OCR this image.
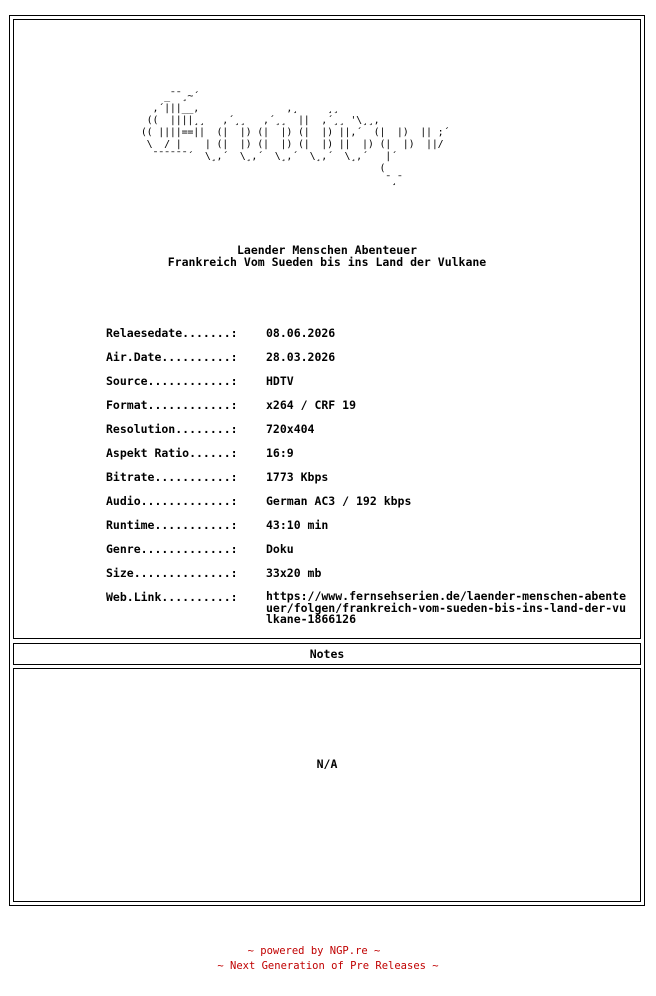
_¯¯¸~´
,´|||__,               ,¸     ¸¸
((  ||||¸¸   ,´¸¸   ,´¸¸  ||  ,´¸¸ '\¸¸,
(( ||||==||  (|  |) (|  |) (|  |) ||,´  (|  |)  || ;´
\  / |    | (|  |) (|  |) (|  |) ||  |) (|  |)  ||/
¯¯¯¯¯¯´  \¸,´  \¸,´  \¸,´  \¸,´  \¸,´   |´
(
¯¸¯
Laender Menschen Abenteuer
Frankreich Vom Sueden bis ins Land der Vulkane
Relaesedate.......:	08.06.2026
Air.Date..........:	28.03.2026
Source............:	HDTV
Format............:	x264 / CRF 19
Resolution........:	720x404
Aspekt Ratio......:	16:9
Bitrate...........:	1773 Kbps
Audio.............:	German AC3 / 192 kbps
Runtime...........:	43:10 min
Genre.............:	Doku
Size..............:	33x20 mb
Web.Link..........:	https://www.fernsehserien.de/laender-menschen-abenteuer/folgen/frankreich-vom-sueden-bis-ins-land-der-vulkane-1866126
Notes
N/A
~ powered by NGP.re ~
~ Next Generation of Pre Releases ~
